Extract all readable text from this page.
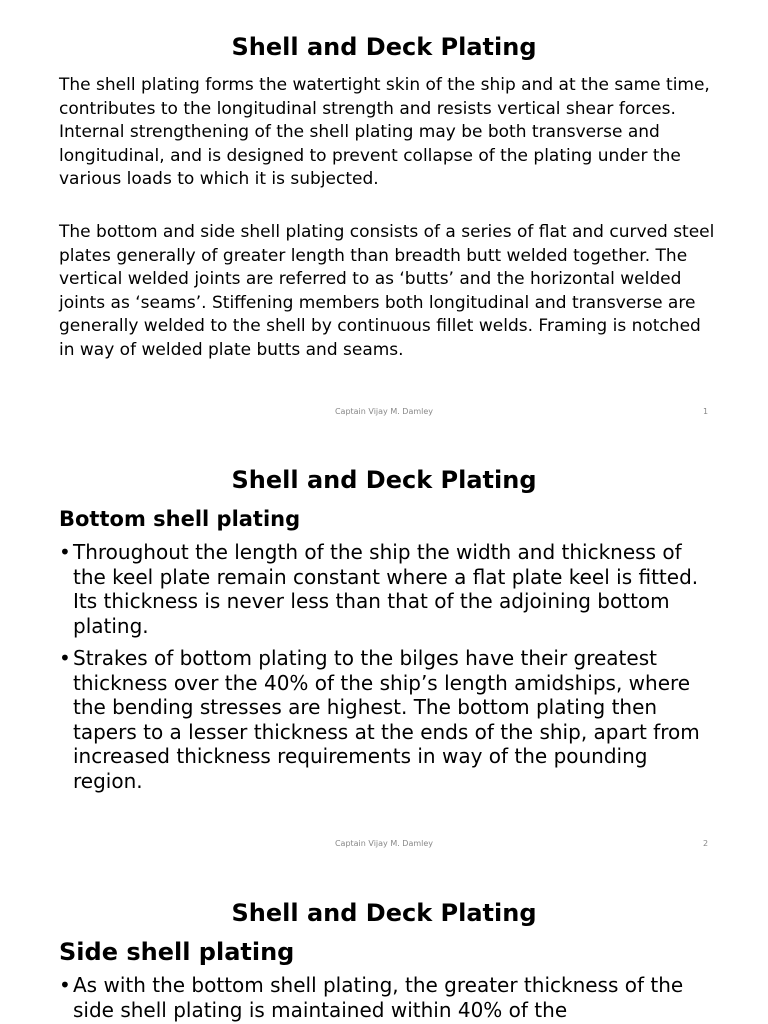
Shell and Deck Plating

The shell plating forms the watertight skin of the ship and at the same time, contributes to the longitudinal strength and resists vertical shear forces. Internal strengthening of the shell plating may be both transverse and longitudinal, and is designed to prevent collapse of the plating under the various loads to which it is subjected.

The bottom and side shell plating consists of a series of flat and curved steel plates generally of greater length than breadth butt welded together. The vertical welded joints are referred to as ‘butts’ and the horizontal welded joints as ‘seams’. Stiffening members both longitudinal and transverse are generally welded to the shell by continuous fillet welds. Framing is notched in way of welded plate butts and seams.

Captain Vijay M. Damley	1
Shell and Deck Plating
Bottom shell plating
• Throughout the length of the ship the width and thickness of the keel plate remain constant where a flat plate keel is fitted. Its thickness is never less than that of the adjoining bottom plating.
• Strakes of bottom plating to the bilges have their greatest thickness over the 40% of the ship’s length amidships, where the bending stresses are highest. The bottom plating then tapers to a lesser thickness at the ends of the ship, apart from increased thickness requirements in way of the pounding region.
Captain Vijay M. Damley	2
Shell and Deck Plating
Side shell plating
• As with the bottom shell plating, the greater thickness of the side shell plating is maintained within 40% of the
